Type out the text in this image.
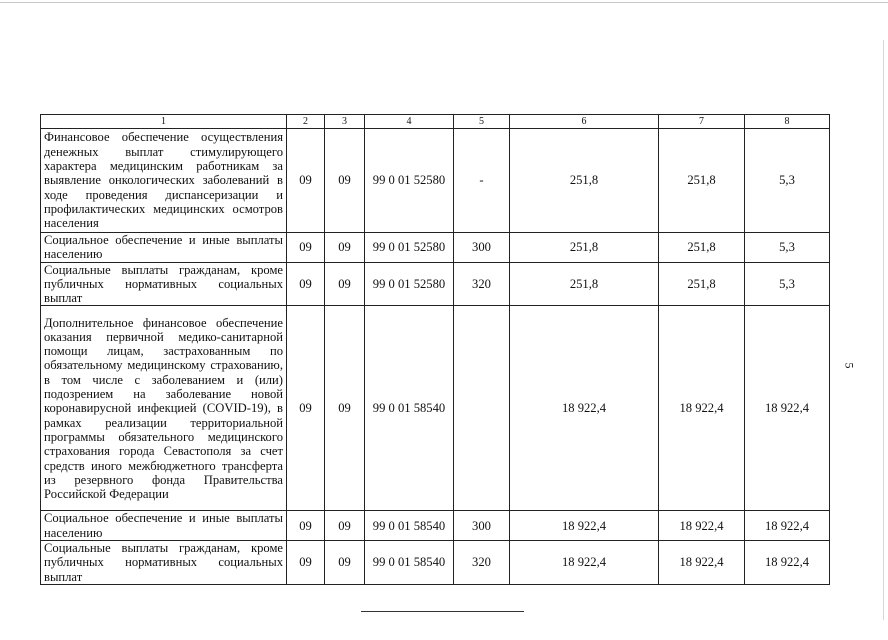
1	2	3	4	5	6	7	8
Финансовое обеспечение осуществления денежных выплат стимулирующего характера медицинским работникам за выявление онкологических заболеваний в ходе проведения диспансеризации и профилактических медицинских осмотров населения	09	09	99 0 01 52580	-	251,8	251,8	5,3
Социальное обеспечение и иные выплаты населению	09	09	99 0 01 52580	300	251,8	251,8	5,3
Социальные выплаты гражданам, кроме публичных нормативных социальных выплат	09	09	99 0 01 52580	320	251,8	251,8	5,3
Дополнительное финансовое обеспечение оказания первичной медико-санитарной помощи лицам, застрахованным по обязательному медицинскому страхованию, в том числе с заболеванием и (или) подозрением на заболевание новой коронавирусной инфекцией (COVID-19), в рамках реализации территориальной программы обязательного медицинского страхования города Севастополя за счет средств иного межбюджетного трансферта из резервного фонда Правительства Российской Федерации	09	09	99 0 01 58540		18 922,4	18 922,4	18 922,4
Социальное обеспечение и иные выплаты населению	09	09	99 0 01 58540	300	18 922,4	18 922,4	18 922,4
Социальные выплаты гражданам, кроме публичных нормативных социальных выплат	09	09	99 0 01 58540	320	18 922,4	18 922,4	18 922,4
5
